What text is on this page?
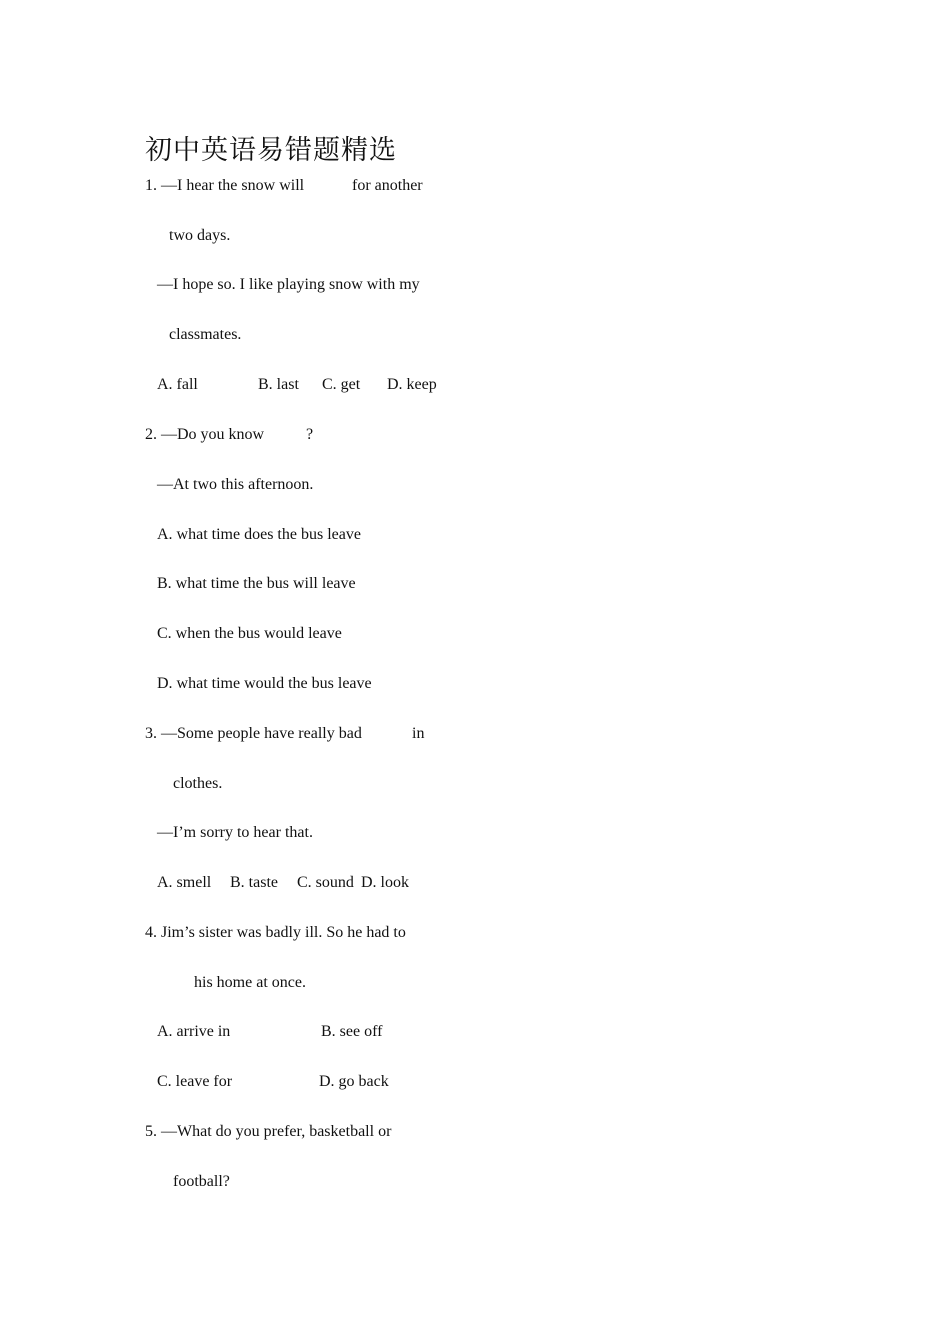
初中英语易错题精选
1. —I hear the snow will	for another
two days.
—I hope so. I like playing snow with my
classmates.
A. fall	B. last C. get D. keep
2. —Do you know	?
—At two this afternoon.
A. what time does the bus leave
B. what time the bus will leave
C. when the bus would leave
D. what time would the bus leave
3. —Some people have really bad	in
clothes.
—I’m sorry to hear that.
A. smell B. taste C. sound D. look
4. Jim’s sister was badly ill. So he had to
his home at once.
A. arrive in	B. see off
C. leave for	D. go back
5. —What do you prefer, basketball or
football?
